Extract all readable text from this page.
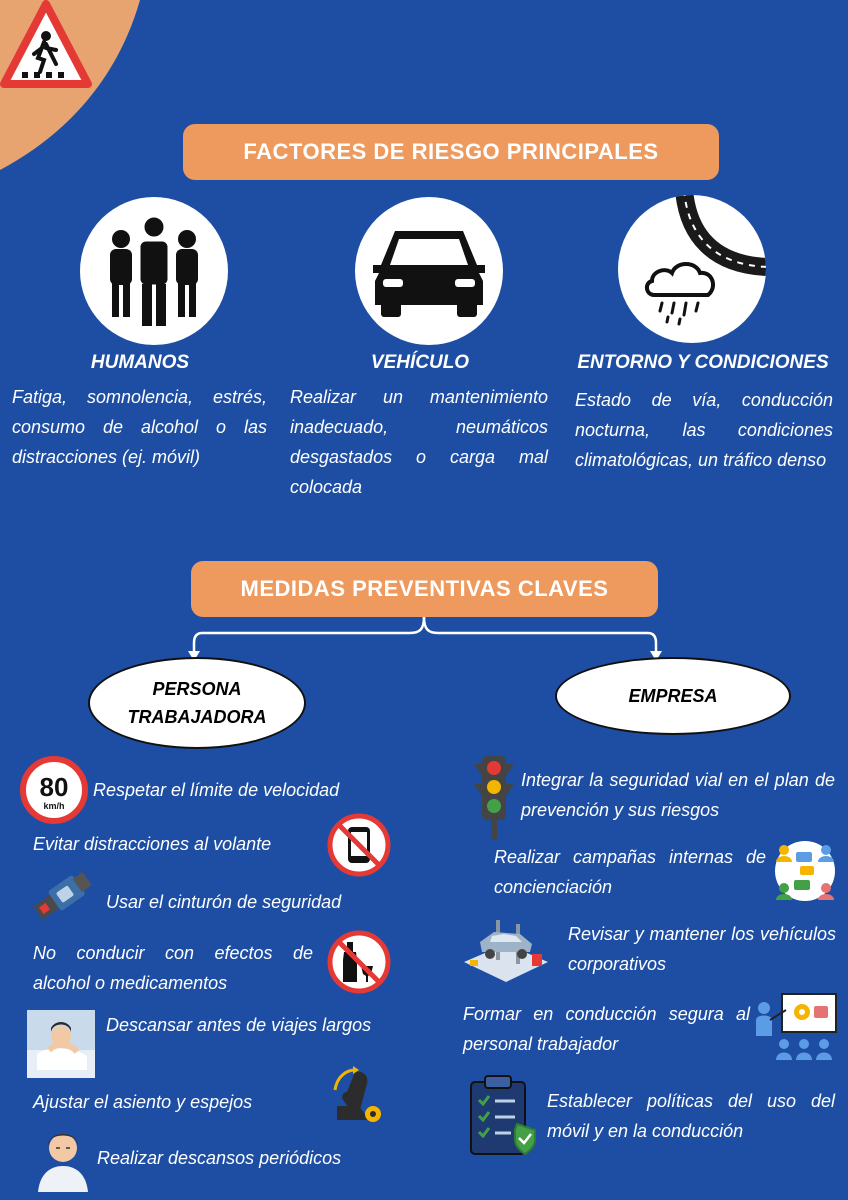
FACTORES DE RIESGO PRINCIPALES
HUMANOS	VEHÍCULO	ENTORNO Y CONDICIONES
Fatiga, somnolencia, estrés, consumo de alcohol o las distracciones (ej. móvil)
Realizar un mantenimiento inadecuado, neumáticos desgastados o carga mal colocada
Estado de vía, conducción nocturna, las condiciones climatológicas, un tráfico denso
MEDIDAS PREVENTIVAS CLAVES
PERSONA TRABAJADORA
EMPRESA
80
km/h
Respetar el límite de velocidad
Evitar distracciones al volante
Usar el cinturón de seguridad
No conducir con efectos de alcohol o medicamentos
Descansar antes de viajes largos
Ajustar el asiento y espejos
Realizar descansos periódicos
Integrar la seguridad vial en el plan de prevención y sus riesgos
Realizar campañas internas de concienciación
Revisar y mantener los vehículos corporativos
Formar en conducción segura al personal trabajador
Establecer políticas del uso del móvil y en la conducción
